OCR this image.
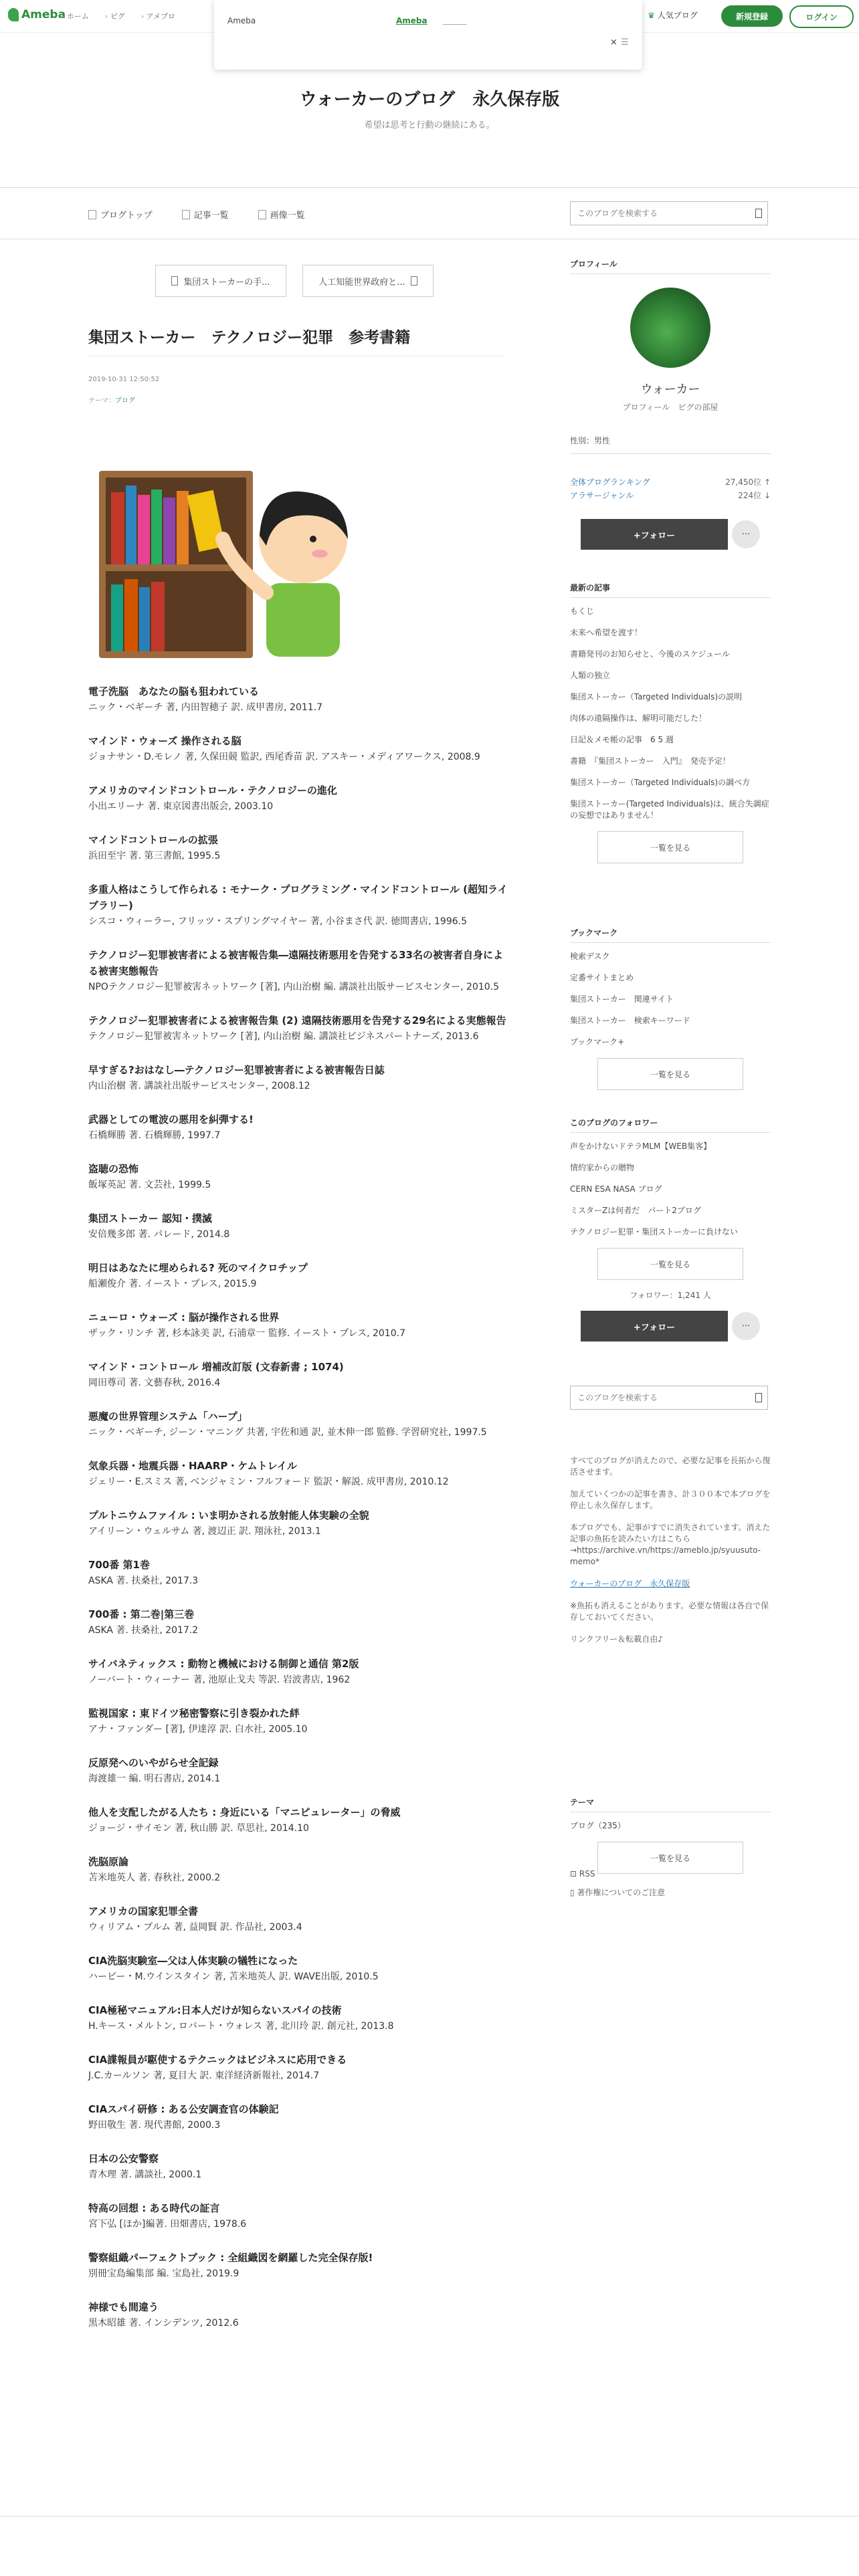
Ameba › ホーム	› ピグ	› アメブロ	♛ 人気ブログ	新規登録	ログイン
Ameba	Ameba
× ☰
ウォーカーのブログ　永久保存版
希望は思考と行動の継続にある。
ブログトップ	記事一覧	画像一覧
このブログを検索する
集団ストーカーの手...	人工知能世界政府と...
集団ストーカー　テクノロジー犯罪　参考書籍
2019-10-31 12:50:52
テーマ：ブログ
電子洗脳　あなたの脳も狙われている
ニック・ベギーチ 著, 内田智穂子 訳. 成甲書房, 2011.7
マインド・ウォーズ 操作される脳
ジョナサン・D.モレノ 著, 久保田競 監訳, 西尾香苗 訳. アスキー・メディアワークス, 2008.9
アメリカのマインドコントロール・テクノロジーの進化
小出エリーナ 著. 東京図書出版会, 2003.10
マインドコントロールの拡張
浜田至宇 著. 第三書館, 1995.5
多重人格はこうして作られる : モナーク・プログラミング・マインドコントロール (超知ライブラリー)
シスコ・ウィーラー, フリッツ・スプリングマイヤー 著, 小谷まさ代 訳. 徳間書店, 1996.5
テクノロジー犯罪被害者による被害報告集―遠隔技術悪用を告発する33名の被害者自身による被害実態報告
NPOテクノロジー犯罪被害ネットワーク [著], 内山治樹 編. 講談社出版サービスセンター, 2010.5
テクノロジー犯罪被害者による被害報告集 (2) 遠隔技術悪用を告発する29名による実態報告
テクノロジー犯罪被害ネットワーク [著], 内山治樹 編. 講談社ビジネスパートナーズ, 2013.6
早すぎる?おはなし―テクノロジー犯罪被害者による被害報告日誌
内山治樹 著. 講談社出版サービスセンター, 2008.12
武器としての電波の悪用を糾弾する!
石橋輝勝 著. 石橋輝勝, 1997.7
盗聴の恐怖
飯塚英記 著. 文芸社, 1999.5
集団ストーカー 認知・撲滅
安倍幾多郎 著. パレード, 2014.8
明日はあなたに埋められる? 死のマイクロチップ
船瀬俊介 著. イースト・プレス, 2015.9
ニューロ・ウォーズ : 脳が操作される世界
ザック・リンチ 著, 杉本詠美 訳, 石浦章一 監修. イースト・プレス, 2010.7
マインド・コントロール 増補改訂版 (文春新書 ; 1074)
岡田尊司 著. 文藝春秋, 2016.4
悪魔の世界管理システム「ハープ」
ニック・ベギーチ, ジーン・マニング 共著, 宇佐和通 訳, 並木伸一郎 監修. 学習研究社, 1997.5
気象兵器・地震兵器・HAARP・ケムトレイル
ジェリー・E.スミス 著, ベンジャミン・フルフォード 監訳・解説. 成甲書房, 2010.12
プルトニウムファイル : いま明かされる放射能人体実験の全貌
アイリーン・ウェルサム 著, 渡辺正 訳. 翔泳社, 2013.1
700番 第1巻
ASKA 著. 扶桑社, 2017.3
700番 : 第二巻|第三巻
ASKA 著. 扶桑社, 2017.2
サイバネティックス : 動物と機械における制御と通信 第2版
ノーバート・ウィーナー 著, 池原止戈夫 等訳. 岩波書店, 1962
監視国家 : 東ドイツ秘密警察に引き裂かれた絆
アナ・ファンダー [著], 伊達淳 訳. 白水社, 2005.10
反原発へのいやがらせ全記録
海渡雄一 編. 明石書店, 2014.1
他人を支配したがる人たち : 身近にいる「マニピュレーター」の脅威
ジョージ・サイモン 著, 秋山勝 訳. 草思社, 2014.10
洗脳原論
苫米地英人 著. 春秋社, 2000.2
アメリカの国家犯罪全書
ウィリアム・ブルム 著, 益岡賢 訳. 作品社, 2003.4
CIA洗脳実験室―父は人体実験の犠牲になった
ハービー・M.ウインスタイン 著, 苫米地英人 訳. WAVE出版, 2010.5
CIA極秘マニュアル:日本人だけが知らないスパイの技術
H.キース・メルトン, ロバート・ウォレス 著, 北川玲 訳. 創元社, 2013.8
CIA諜報員が駆使するテクニックはビジネスに応用できる
J.C.カールソン 著, 夏目大 訳. 東洋経済新報社, 2014.7
CIAスパイ研修 : ある公安調査官の体験記
野田敬生 著. 現代書館, 2000.3
日本の公安警察
青木理 著. 講談社, 2000.1
特高の回想 : ある時代の証言
宮下弘 [ほか]編著. 田畑書店, 1978.6
警察組織パーフェクトブック : 全組織図を網羅した完全保存版!
別冊宝島編集部 編. 宝島社, 2019.9
神様でも間違う
黒木昭雄 著. インシデンツ, 2012.6
プロフィール
ウォーカー
プロフィール　ピグの部屋
性別：男性
全体ブログランキング	27,450位 ↑
アラサージャンル	224位 ↓
+フォロー	···
最新の記事
もくじ
未来へ希望を渡す！
書籍発刊のお知らせと、今後のスケジュール
人類の独立
集団ストーカー（Targeted Individuals)の説明
肉体の遠隔操作は、解明可能だした！
日記＆メモ帳の記事　6 5 週
書籍　『集団ストーカー　入門』　発売予定！
集団ストーカー（Targeted Individuals)の調べ方
集団ストーカー(Targeted Individuals)は、統合失調症の妄想ではありません！
一覧を見る
ブックマーク
検索デスク
定番サイトまとめ
集団ストーカー　関連サイト
集団ストーカー　検索キーワード
ブックマーク+
一覧を見る
このブログのフォロワー
声をかけないドテラMLM【WEB集客】
情約家からの贈物
CERN ESA NASA ブログ
ミスターZは何者だ　パート2ブログ
テクノロジー犯罪・集団ストーカーに負けない
一覧を見る
フォロワー：1,241 人
+フォロー	···
このブログを検索する

すべてのブログが消えたので、必要な記事を長拓から復活させます。

加えていくつかの記事を書き、計３００本で本ブログを停止し永久保存します。

本ブログでも、記事がすでに消失されています。消えた記事の魚拓を読みたい方はこちら→https://archive.vn/https://ameblo.jp/syuusuto-memo*

ウォーカーのブログ　永久保存版

※魚拓も消えることがあります。必要な情報は各自で保存しておいてください。

リンクフリー＆転載自由♪

テーマ
ブログ（235）
一覧を見る
⊡ RSS
▯ 著作権についてのご注意
